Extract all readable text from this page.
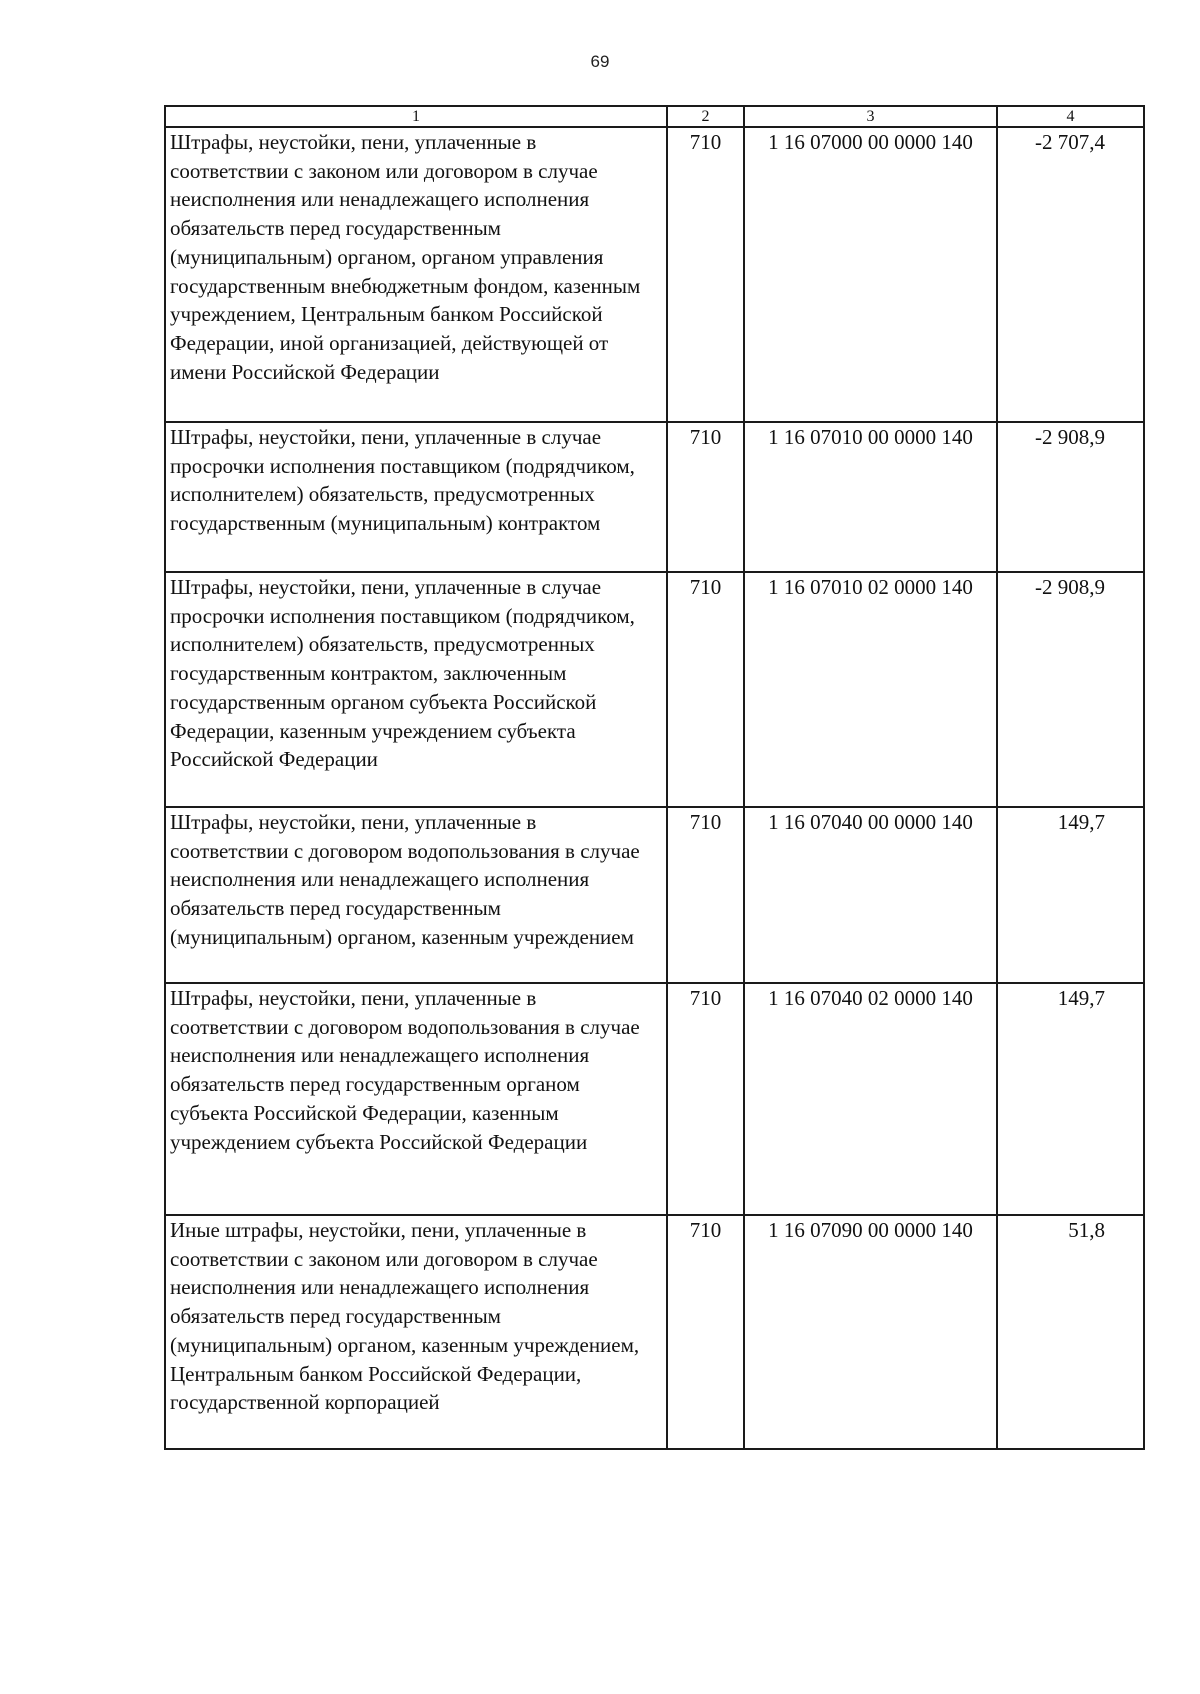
69
1	2	3	4
Штрафы, неустойки, пени, уплаченные в соответствии с законом или договором в случае неисполнения или ненадлежащего исполнения обязательств перед государственным (муниципальным) органом, органом управления государственным внебюджетным фондом, казенным учреждением, Центральным банком Российской Федерации, иной организацией, действующей от имени Российской Федерации	710	1 16 07000 00 0000 140	-2 707,4
Штрафы, неустойки, пени, уплаченные в случае просрочки исполнения поставщиком (подрядчиком, исполнителем) обязательств, предусмотренных государственным (муниципальным) контрактом	710	1 16 07010 00 0000 140	-2 908,9
Штрафы, неустойки, пени, уплаченные в случае просрочки исполнения поставщиком (подрядчиком, исполнителем) обязательств, предусмотренных государственным контрактом, заключенным государственным органом субъекта Российской Федерации, казенным учреждением субъекта Российской Федерации	710	1 16 07010 02 0000 140	-2 908,9
Штрафы, неустойки, пени, уплаченные в соответствии с договором водопользования в случае неисполнения или ненадлежащего исполнения обязательств перед государственным (муниципальным) органом, казенным учреждением	710	1 16 07040 00 0000 140	149,7
Штрафы, неустойки, пени, уплаченные в соответствии с договором водопользования в случае неисполнения или ненадлежащего исполнения обязательств перед государственным органом субъекта Российской Федерации, казенным учреждением субъекта Российской Федерации	710	1 16 07040 02 0000 140	149,7
Иные штрафы, неустойки, пени, уплаченные в соответствии с законом или договором в случае неисполнения или ненадлежащего исполнения обязательств перед государственным (муниципальным) органом, казенным учреждением, Центральным банком Российской Федерации, государственной корпорацией	710	1 16 07090 00 0000 140	51,8
